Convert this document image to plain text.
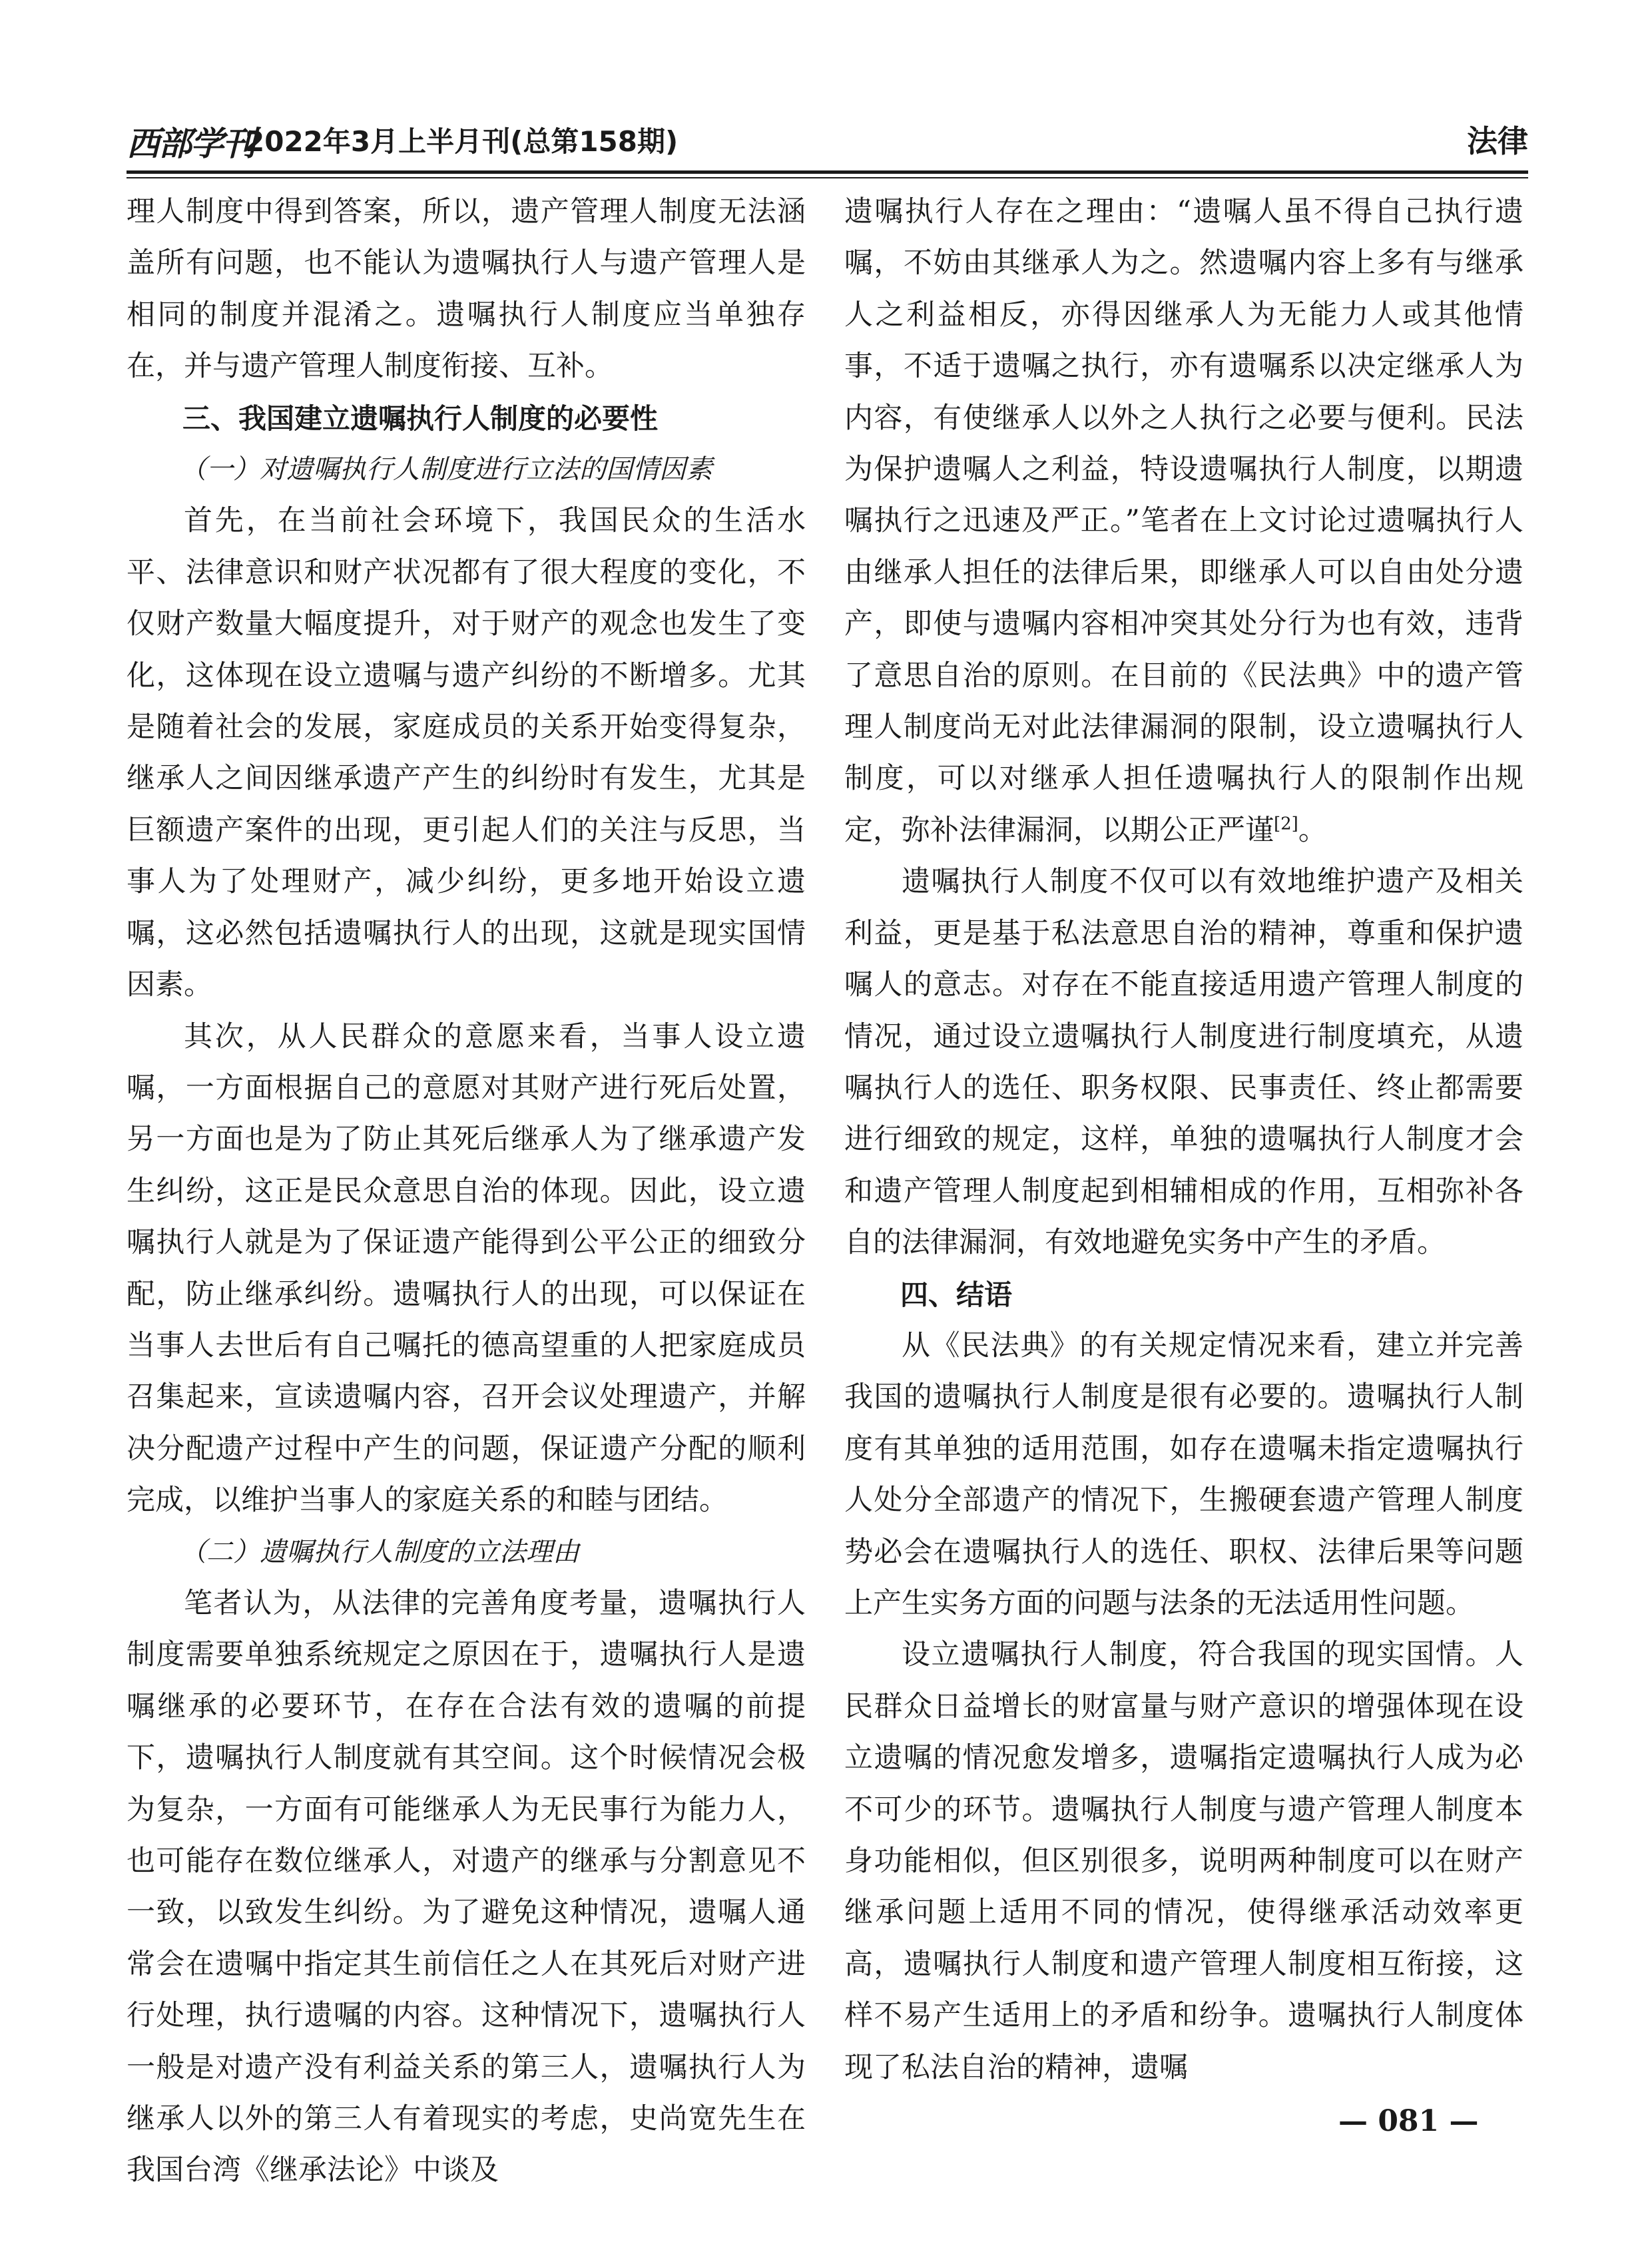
西部学刊
2022年3月上半月刊(总第158期)	法律

理人制度中得到答案，所以，遗产管理人制度无法涵盖所有问题，也不能认为遗嘱执行人与遗产管理人是相同的制度并混淆之。遗嘱执行人制度应当单独存在，并与遗产管理人制度衔接、互补。

三、我国建立遗嘱执行人制度的必要性

（一）对遗嘱执行人制度进行立法的国情因素

首先，在当前社会环境下，我国民众的生活水平、法律意识和财产状况都有了很大程度的变化，不仅财产数量大幅度提升，对于财产的观念也发生了变化，这体现在设立遗嘱与遗产纠纷的不断增多。尤其是随着社会的发展，家庭成员的关系开始变得复杂，继承人之间因继承遗产产生的纠纷时有发生，尤其是巨额遗产案件的出现，更引起人们的关注与反思，当事人为了处理财产，减少纠纷，更多地开始设立遗嘱，这必然包括遗嘱执行人的出现，这就是现实国情因素。

其次，从人民群众的意愿来看，当事人设立遗嘱，一方面根据自己的意愿对其财产进行死后处置，另一方面也是为了防止其死后继承人为了继承遗产发生纠纷，这正是民众意思自治的体现。因此，设立遗嘱执行人就是为了保证遗产能得到公平公正的细致分配，防止继承纠纷。遗嘱执行人的出现，可以保证在当事人去世后有自己嘱托的德高望重的人把家庭成员召集起来，宣读遗嘱内容，召开会议处理遗产，并解决分配遗产过程中产生的问题，保证遗产分配的顺利完成，以维护当事人的家庭关系的和睦与团结。

（二）遗嘱执行人制度的立法理由

笔者认为，从法律的完善角度考量，遗嘱执行人制度需要单独系统规定之原因在于，遗嘱执行人是遗嘱继承的必要环节，在存在合法有效的遗嘱的前提下，遗嘱执行人制度就有其空间。这个时候情况会极为复杂，一方面有可能继承人为无民事行为能力人，也可能存在数位继承人，对遗产的继承与分割意见不一致，以致发生纠纷。为了避免这种情况，遗嘱人通常会在遗嘱中指定其生前信任之人在其死后对财产进行处理，执行遗嘱的内容。这种情况下，遗嘱执行人一般是对遗产没有利益关系的第三人，遗嘱执行人为继承人以外的第三人有着现实的考虑，史尚宽先生在我国台湾《继承法论》中谈及

遗嘱执行人存在之理由：“遗嘱人虽不得自己执行遗嘱，不妨由其继承人为之。然遗嘱内容上多有与继承人之利益相反，亦得因继承人为无能力人或其他情事，不适于遗嘱之执行，亦有遗嘱系以决定继承人为内容，有使继承人以外之人执行之必要与便利。民法为保护遗嘱人之利益，特设遗嘱执行人制度，以期遗嘱执行之迅速及严正。”笔者在上文讨论过遗嘱执行人由继承人担任的法律后果，即继承人可以自由处分遗产，即使与遗嘱内容相冲突其处分行为也有效，违背了意思自治的原则。在目前的《民法典》中的遗产管理人制度尚无对此法律漏洞的限制，设立遗嘱执行人制度，可以对继承人担任遗嘱执行人的限制作出规定，弥补法律漏洞，以期公正严谨[2]。

遗嘱执行人制度不仅可以有效地维护遗产及相关利益，更是基于私法意思自治的精神，尊重和保护遗嘱人的意志。对存在不能直接适用遗产管理人制度的情况，通过设立遗嘱执行人制度进行制度填充，从遗嘱执行人的选任、职务权限、民事责任、终止都需要进行细致的规定，这样，单独的遗嘱执行人制度才会和遗产管理人制度起到相辅相成的作用，互相弥补各自的法律漏洞，有效地避免实务中产生的矛盾。

四、结语

从《民法典》的有关规定情况来看，建立并完善我国的遗嘱执行人制度是很有必要的。遗嘱执行人制度有其单独的适用范围，如存在遗嘱未指定遗嘱执行人处分全部遗产的情况下，生搬硬套遗产管理人制度势必会在遗嘱执行人的选任、职权、法律后果等问题上产生实务方面的问题与法条的无法适用性问题。

设立遗嘱执行人制度，符合我国的现实国情。人民群众日益增长的财富量与财产意识的增强体现在设立遗嘱的情况愈发增多，遗嘱指定遗嘱执行人成为必不可少的环节。遗嘱执行人制度与遗产管理人制度本身功能相似，但区别很多，说明两种制度可以在财产继承问题上适用不同的情况，使得继承活动效率更高，遗嘱执行人制度和遗产管理人制度相互衔接，这样不易产生适用上的矛盾和纷争。遗嘱执行人制度体现了私法自治的精神，遗嘱

— 081 —
